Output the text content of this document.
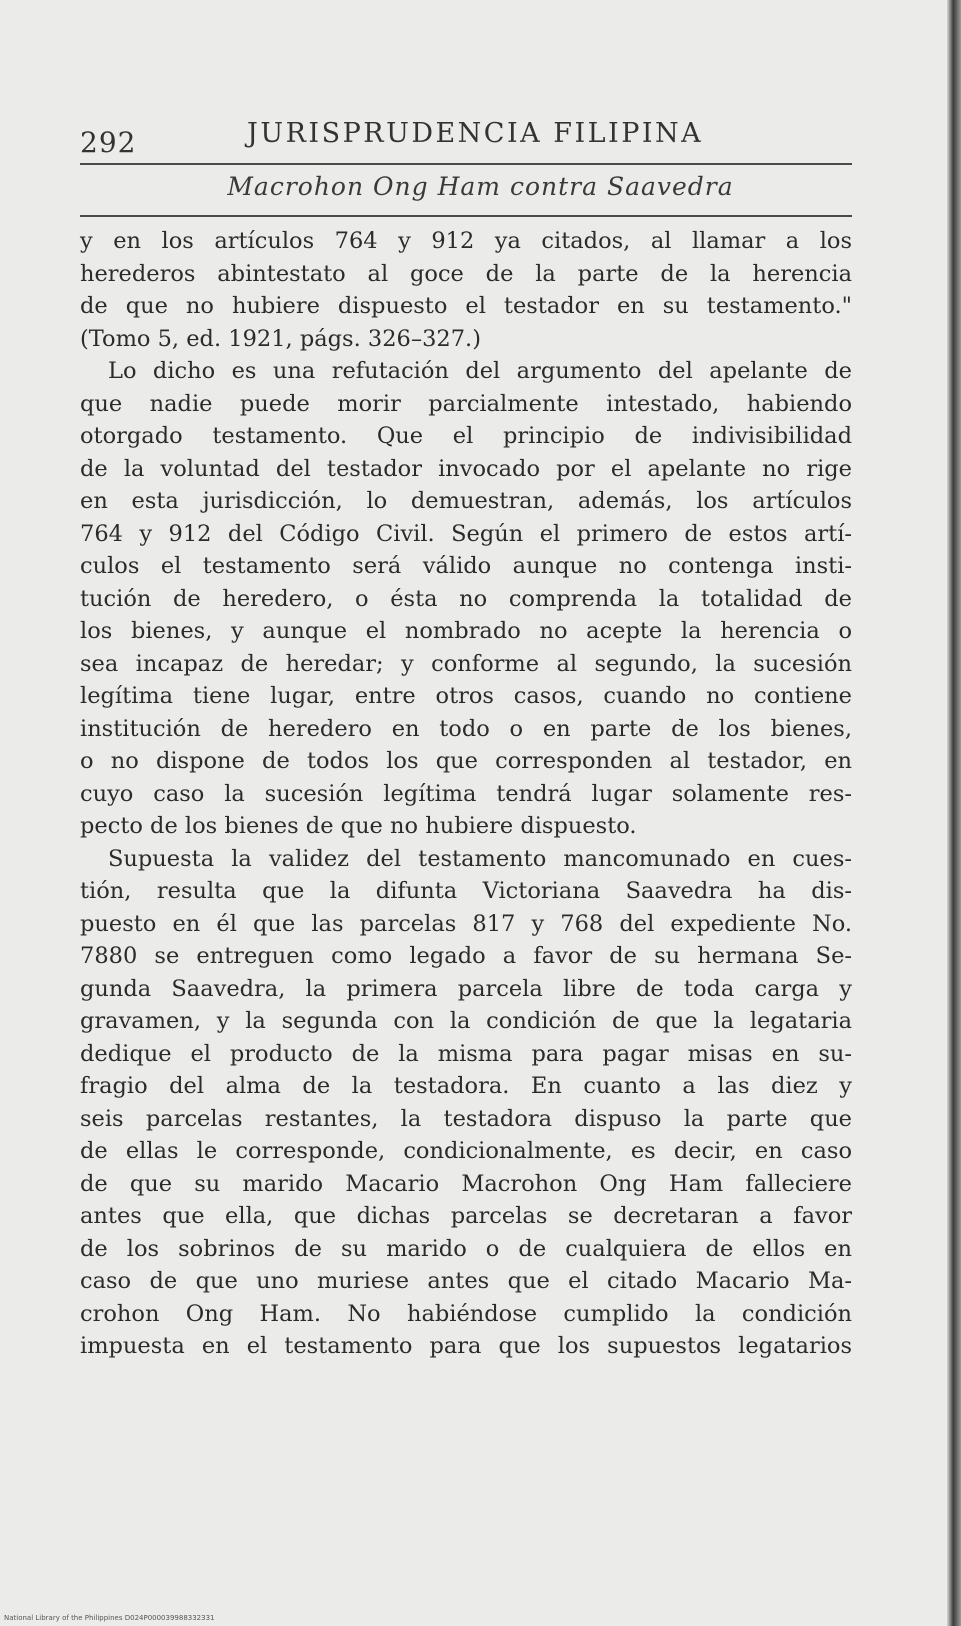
292	JURISPRUDENCIA FILIPINA
Macrohon Ong Ham contra Saavedra
y en los artículos 764 y 912 ya citados, al llamar a los
herederos abintestato al goce de la parte de la herencia
de que no hubiere dispuesto el testador en su testamento."
(Tomo 5, ed. 1921, págs. 326–327.)
Lo dicho es una refutación del argumento del apelante de
que nadie puede morir parcialmente intestado, habiendo
otorgado testamento. Que el principio de indivisibilidad
de la voluntad del testador invocado por el apelante no rige
en esta jurisdicción, lo demuestran, además, los artículos
764 y 912 del Código Civil. Según el primero de estos artí-
culos el testamento será válido aunque no contenga insti-
tución de heredero, o ésta no comprenda la totalidad de
los bienes, y aunque el nombrado no acepte la herencia o
sea incapaz de heredar; y conforme al segundo, la sucesión
legítima tiene lugar, entre otros casos, cuando no contiene
institución de heredero en todo o en parte de los bienes,
o no dispone de todos los que corresponden al testador, en
cuyo caso la sucesión legítima tendrá lugar solamente res-
pecto de los bienes de que no hubiere dispuesto.
Supuesta la validez del testamento mancomunado en cues-
tión, resulta que la difunta Victoriana Saavedra ha dis-
puesto en él que las parcelas 817 y 768 del expediente No.
7880 se entreguen como legado a favor de su hermana Se-
gunda Saavedra, la primera parcela libre de toda carga y
gravamen, y la segunda con la condición de que la legataria
dedique el producto de la misma para pagar misas en su-
fragio del alma de la testadora. En cuanto a las diez y
seis parcelas restantes, la testadora dispuso la parte que
de ellas le corresponde, condicionalmente, es decir, en caso
de que su marido Macario Macrohon Ong Ham falleciere
antes que ella, que dichas parcelas se decretaran a favor
de los sobrinos de su marido o de cualquiera de ellos en
caso de que uno muriese antes que el citado Macario Ma-
crohon Ong Ham. No habiéndose cumplido la condición
impuesta en el testamento para que los supuestos legatarios
National Library of the Philippines D024P000039988332331
